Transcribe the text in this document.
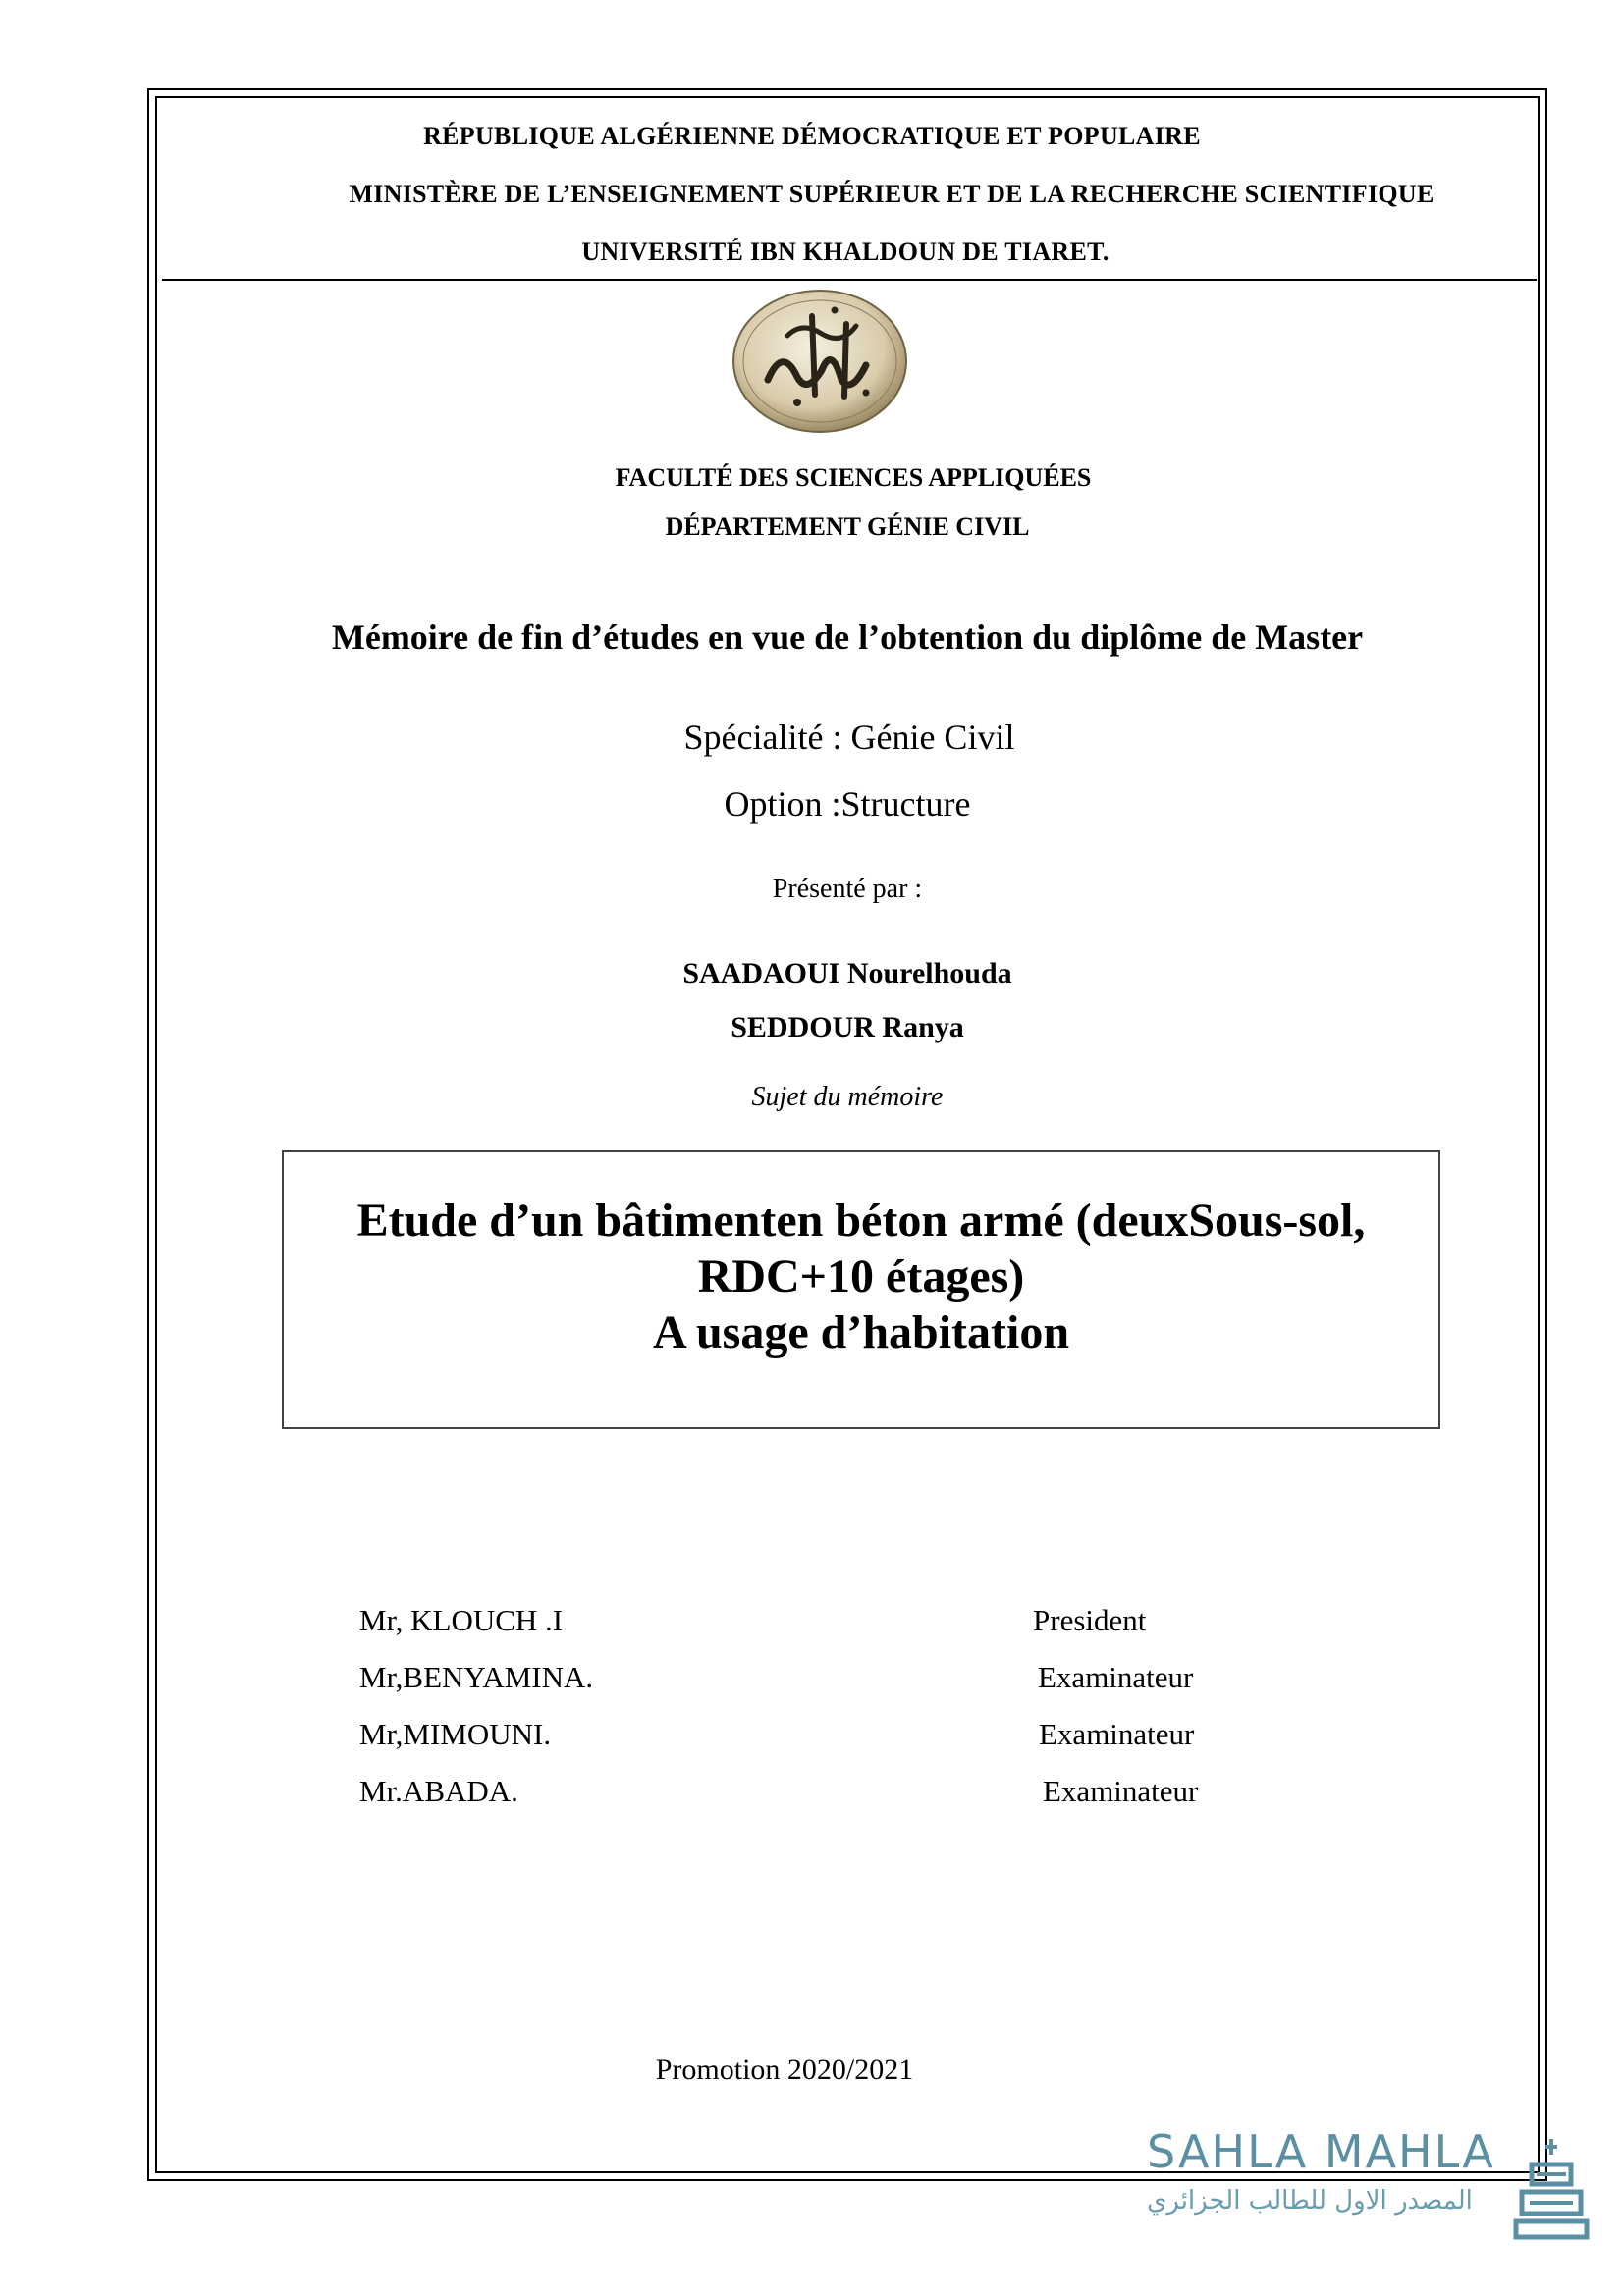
RÉPUBLIQUE ALGÉRIENNE DÉMOCRATIQUE ET POPULAIRE
MINISTÈRE DE L’ENSEIGNEMENT SUPÉRIEUR ET DE LA RECHERCHE SCIENTIFIQUE
UNIVERSITÉ IBN KHALDOUN DE TIARET.
FACULTÉ DES SCIENCES APPLIQUÉES
DÉPARTEMENT GÉNIE CIVIL
Mémoire de fin d’études en vue de l’obtention du diplôme de Master
Spécialité : Génie Civil
Option :Structure
Présenté par :
SAADAOUI Nourelhouda
SEDDOUR Ranya
Sujet du mémoire
Etude d’un bâtimenten béton armé (deuxSous-sol,
RDC+10 étages)
A usage d’habitation
Mr, KLOUCH .I	President
Mr,BENYAMINA.	Examinateur
Mr,MIMOUNI.	Examinateur
Mr.ABADA.	Examinateur
Promotion 2020/2021
SAHLA MAHLA
المصدر الاول للطالب الجزائري
